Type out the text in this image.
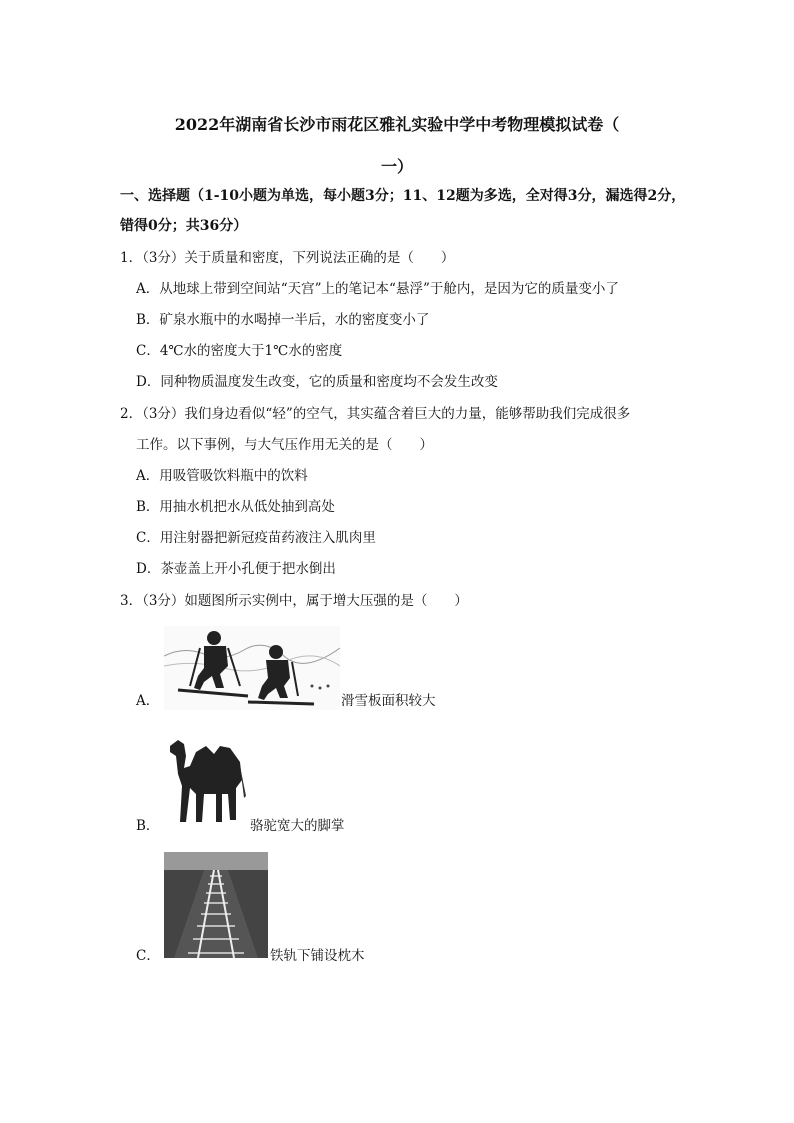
2022年湖南省长沙市雨花区雅礼实验中学中考物理模拟试卷（
一）
一、选择题（1-10小题为单选，每小题3分；11、12题为多选，全对得3分，漏选得2分，
错得0分；共36分）
1．（3分）关于质量和密度，下列说法正确的是（　　）
A．从地球上带到空间站“天宫”上的笔记本“悬浮”于舱内，是因为它的质量变小了
B．矿泉水瓶中的水喝掉一半后，水的密度变小了
C．4℃水的密度大于1℃水的密度
D．同种物质温度发生改变，它的质量和密度均不会发生改变
2．（3分）我们身边看似“轻”的空气，其实蕴含着巨大的力量，能够帮助我们完成很多
工作。以下事例，与大气压作用无关的是（　　）
A．用吸管吸饮料瓶中的饮料
B．用抽水机把水从低处抽到高处
C．用注射器把新冠疫苗药液注入肌肉里
D．茶壶盖上开小孔便于把水倒出
3．（3分）如题图所示实例中，属于增大压强的是（　　）
A．	滑雪板面积较大
B．	骆驼宽大的脚掌
C．	铁轨下铺设枕木
